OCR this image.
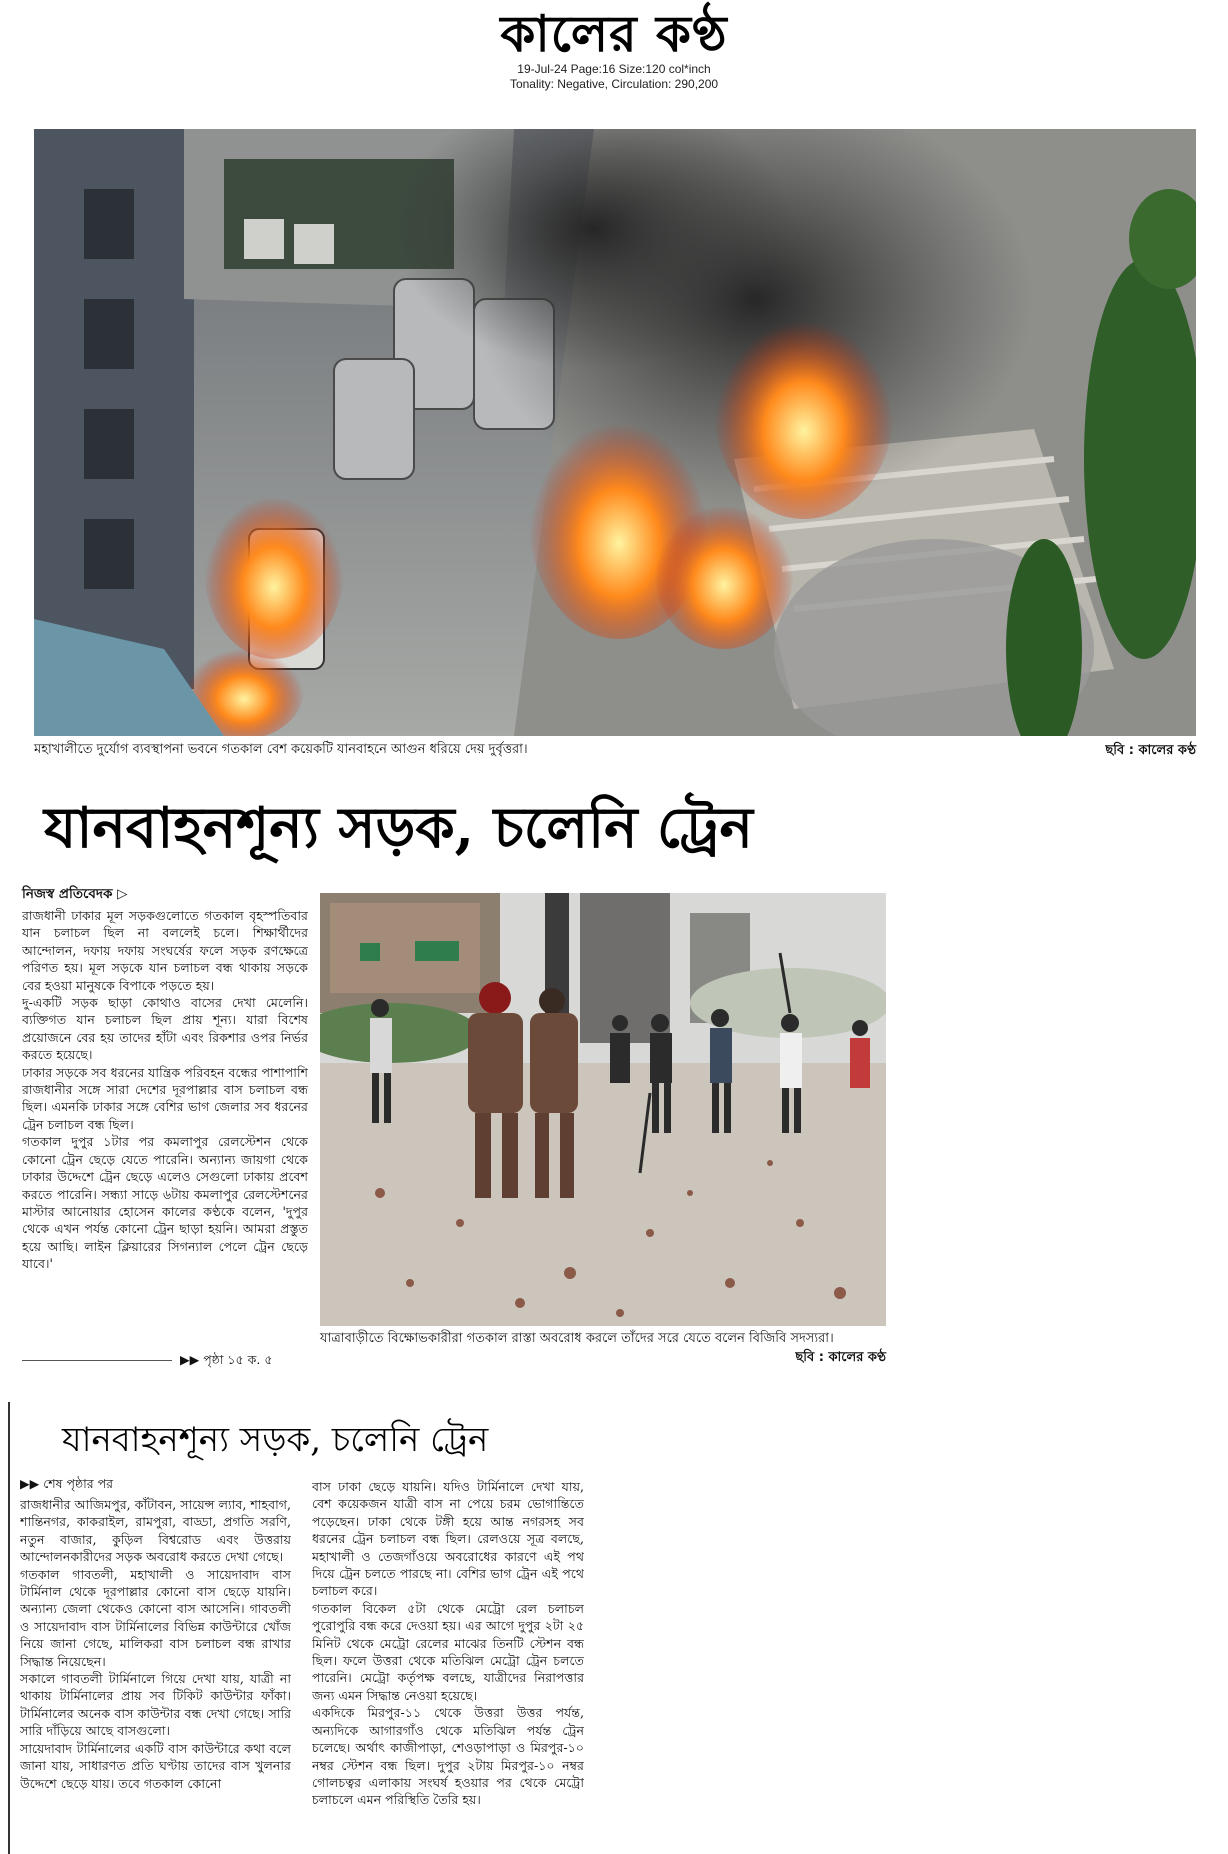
কালের কণ্ঠ
19-Jul-24 Page:16 Size:120 col*inch
Tonality: Negative, Circulation: 290,200
মহাখালীতে দুর্যোগ ব্যবস্থাপনা ভবনে গতকাল বেশ কয়েকটি যানবাহনে আগুন ধরিয়ে দেয় দুর্বৃত্তরা।	ছবি : কালের কণ্ঠ
যানবাহনশূন্য সড়ক, চলেনি ট্রেন
নিজস্ব প্রতিবেদক ▷

রাজধানী ঢাকার মূল সড়কগুলোতে গতকাল বৃহস্পতিবার যান চলাচল ছিল না বললেই চলে। শিক্ষার্থীদের আন্দোলন, দফায় দফায় সংঘর্ষের ফলে সড়ক রণক্ষেত্রে পরিণত হয়। মূল সড়কে যান চলাচল বন্ধ থাকায় সড়কে বের হওয়া মানুষকে বিপাকে পড়তে হয়।

দু-একটি সড়ক ছাড়া কোথাও বাসের দেখা মেলেনি। ব্যক্তিগত যান চলাচল ছিল প্রায় শূন্য। যারা বিশেষ প্রয়োজনে বের হয় তাদের হাঁটা এবং রিকশার ওপর নির্ভর করতে হয়েছে।

ঢাকার সড়কে সব ধরনের যান্ত্রিক পরিবহন বন্ধের পাশাপাশি রাজধানীর সঙ্গে সারা দেশের দূরপাল্লার বাস চলাচল বন্ধ ছিল। এমনকি ঢাকার সঙ্গে বেশির ভাগ জেলার সব ধরনের ট্রেন চলাচল বন্ধ ছিল।

গতকাল দুপুর ১টার পর কমলাপুর রেলস্টেশন থেকে কোনো ট্রেন ছেড়ে যেতে পারেনি। অন্যান্য জায়গা থেকে ঢাকার উদ্দেশে ট্রেন ছেড়ে এলেও সেগুলো ঢাকায় প্রবেশ করতে পারেনি। সন্ধ্যা সাড়ে ৬টায় কমলাপুর রেলস্টেশনের মাস্টার আনোয়ার হোসেন কালের কণ্ঠকে বলেন, 'দুপুর থেকে এখন পর্যন্ত কোনো ট্রেন ছাড়া হয়নি। আমরা প্রস্তুত হয়ে আছি। লাইন ক্লিয়ারের সিগন্যাল পেলে ট্রেন ছেড়ে যাবে।'

▶▶ পৃষ্ঠা ১৫ ক. ৫
যাত্রাবাড়ীতে বিক্ষোভকারীরা গতকাল রাস্তা অবরোধ করলে তাঁদের সরে যেতে বলেন বিজিবি সদস্যরা।
ছবি : কালের কণ্ঠ
যানবাহনশূন্য সড়ক, চলেনি ট্রেন
▶▶ শেষ পৃষ্ঠার পর

রাজধানীর আজিমপুর, কাঁটাবন, সায়েন্স ল্যাব, শাহবাগ, শান্তিনগর, কাকরাইল, রামপুরা, বাড্ডা, প্রগতি সরণি, নতুন বাজার, কুড়িল বিশ্বরোড এবং উত্তরায় আন্দোলনকারীদের সড়ক অবরোধ করতে দেখা গেছে।

গতকাল গাবতলী, মহাখালী ও সায়েদাবাদ বাস টার্মিনাল থেকে দূরপাল্লার কোনো বাস ছেড়ে যায়নি। অন্যান্য জেলা থেকেও কোনো বাস আসেনি। গাবতলী ও সায়েদাবাদ বাস টার্মিনালের বিভিন্ন কাউন্টারে খোঁজ নিয়ে জানা গেছে, মালিকরা বাস চলাচল বন্ধ রাখার সিদ্ধান্ত নিয়েছেন।

সকালে গাবতলী টার্মিনালে গিয়ে দেখা যায়, যাত্রী না থাকায় টার্মিনালের প্রায় সব টিকিট কাউন্টার ফাঁকা। টার্মিনালের অনেক বাস কাউন্টার বন্ধ দেখা গেছে। সারি সারি দাঁড়িয়ে আছে বাসগুলো।

সায়েদাবাদ টার্মিনালের একটি বাস কাউন্টারে কথা বলে জানা যায়, সাধারণত প্রতি ঘণ্টায় তাদের বাস খুলনার উদ্দেশে ছেড়ে যায়। তবে গতকাল কোনো

বাস ঢাকা ছেড়ে যায়নি। যদিও টার্মিনালে দেখা যায়, বেশ কয়েকজন যাত্রী বাস না পেয়ে চরম ভোগান্তিতে পড়েছেন। ঢাকা থেকে টঙ্গী হয়ে আন্ত নগরসহ সব ধরনের ট্রেন চলাচল বন্ধ ছিল। রেলওয়ে সূত্র বলছে, মহাখালী ও তেজগাঁওয়ে অবরোধের কারণে এই পথ দিয়ে ট্রেন চলতে পারছে না। বেশির ভাগ ট্রেন এই পথে চলাচল করে।

গতকাল বিকেল ৫টা থেকে মেট্রো রেল চলাচল পুরোপুরি বন্ধ করে দেওয়া হয়। এর আগে দুপুর ২টা ২৫ মিনিট থেকে মেট্রো রেলের মাঝের তিনটি স্টেশন বন্ধ ছিল। ফলে উত্তরা থেকে মতিঝিল মেট্রো ট্রেন চলতে পারেনি। মেট্রো কর্তৃপক্ষ বলছে, যাত্রীদের নিরাপত্তার জন্য এমন সিদ্ধান্ত নেওয়া হয়েছে।

একদিকে মিরপুর-১১ থেকে উত্তরা উত্তর পর্যন্ত, অন্যদিকে আগারগাঁও থেকে মতিঝিল পর্যন্ত ট্রেন চলেছে। অর্থাৎ কাজীপাড়া, শেওড়াপাড়া ও মিরপুর-১০ নম্বর স্টেশন বন্ধ ছিল। দুপুর ২টায় মিরপুর-১০ নম্বর গোলচত্বর এলাকায় সংঘর্ষ হওয়ার পর থেকে মেট্রো চলাচলে এমন পরিস্থিতি তৈরি হয়।
